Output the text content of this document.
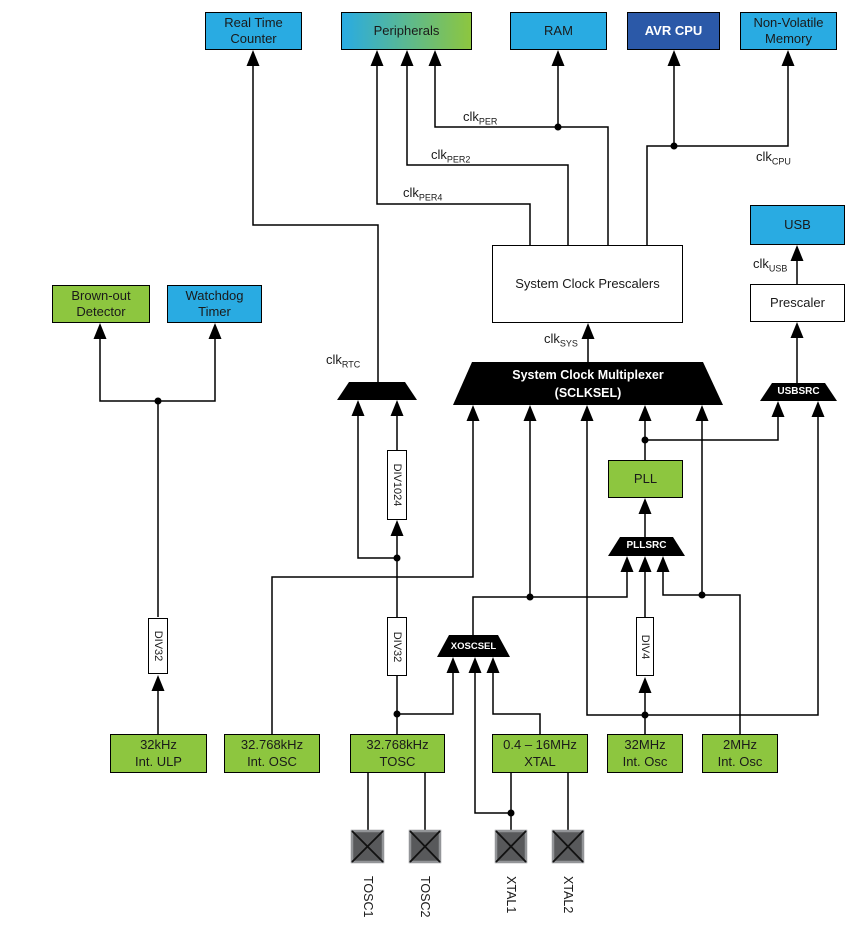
Real Time
Counter
Peripherals	RAM	AVR CPU
Non-Volatile
Memory
Brown-out
Detector
Watchdog
Timer
USB
Prescaler
System Clock Prescalers
PLL
32kHz
Int. ULP
32.768kHz
Int. OSC
32.768kHz
TOSC
0.4 – 16MHz
XTAL
32MHz
Int. Osc
2MHz
Int. Osc
System Clock Multiplexer
(SCLKSEL)
XOSCSEL
PLLSRC
USBSRC
DIV32
DIV1024
DIV32	DIV4
clk$_{PER}$
clk$_{PER2}$
clk$_{PER4}$
clk$_{CPU}$
clk$_{SYS}$
clk$_{RTC}$
clk$_{USB}$
TOSC1	TOSC2	XTAL1	XTAL2
